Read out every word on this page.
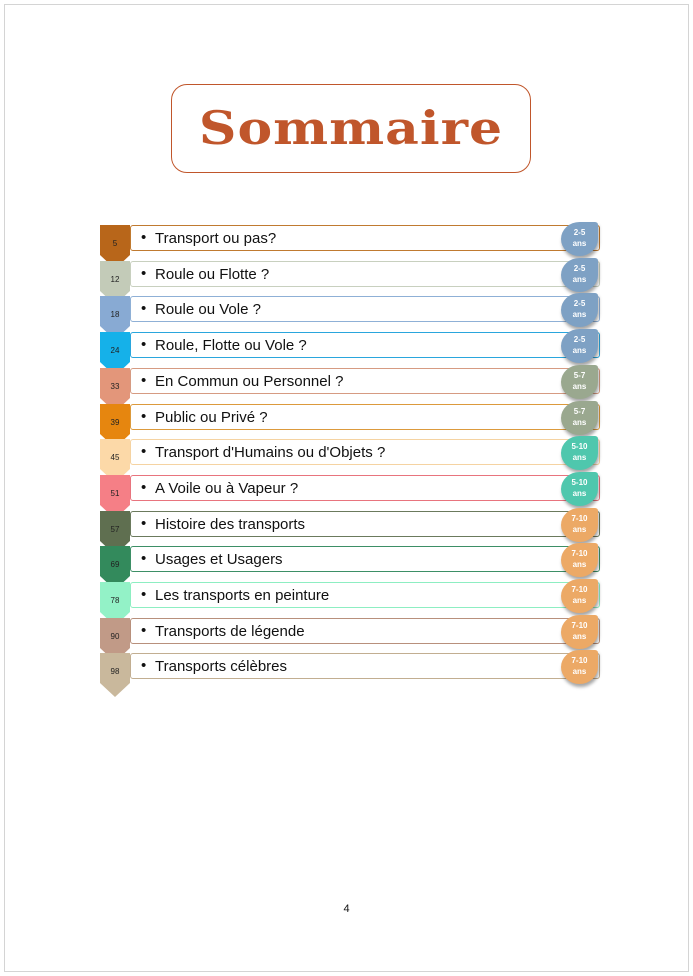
Sommaire
5	• Transport ou pas?	2-5
ans
12	• Roule ou Flotte ?	2-5
ans
18	• Roule ou Vole ?	2-5
ans
24	• Roule, Flotte ou Vole ?	2-5
ans
33	• En Commun ou Personnel ?	5-7
ans
39	• Public ou Privé ?	5-7
ans
45	• Transport d'Humains ou d'Objets ?	5-10
ans
51	• A Voile ou à Vapeur ?	5-10
ans
57	• Histoire des transports	7-10
ans
69	• Usages et Usagers	7-10
ans
78	• Les transports en peinture	7-10
ans
90	• Transports de légende	7-10
ans
98	• Transports célèbres	7-10
ans
4
